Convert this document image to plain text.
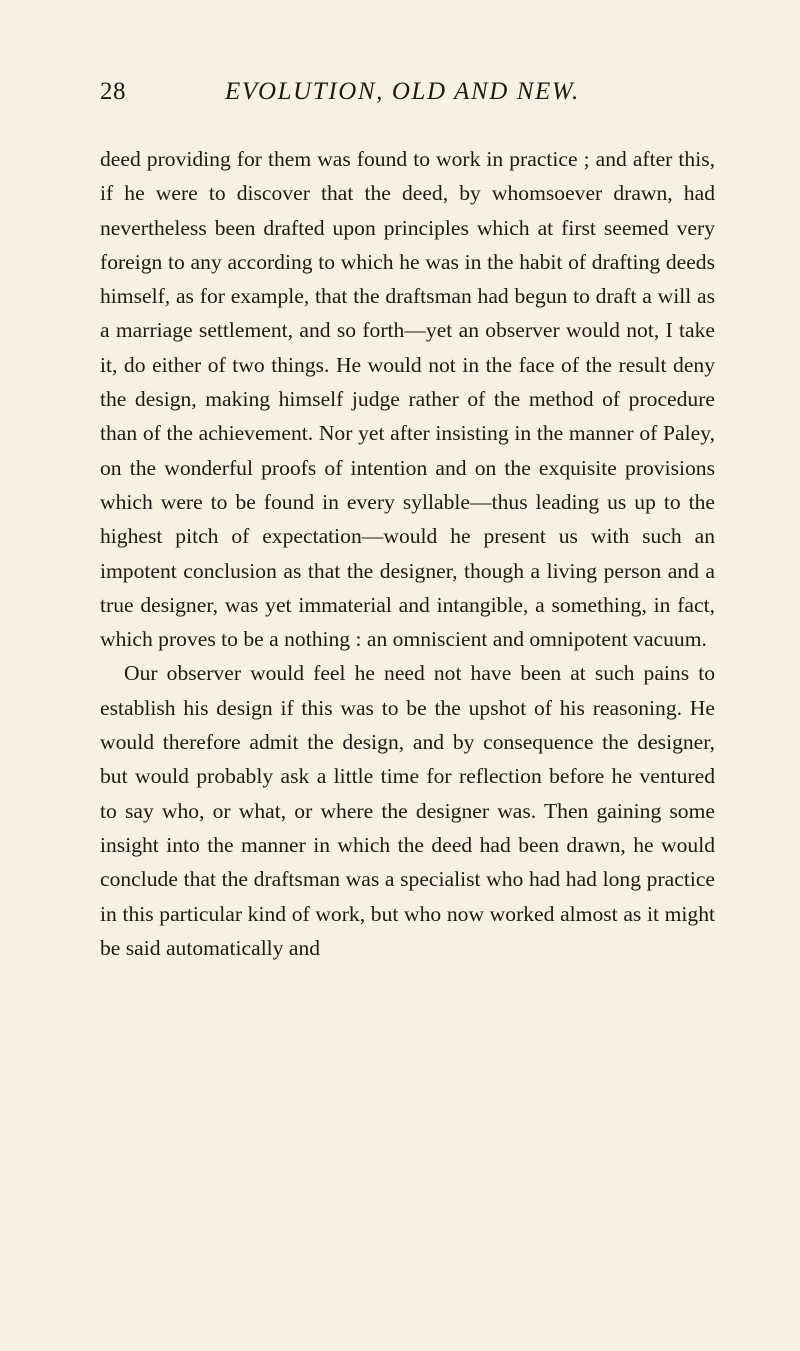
28	EVOLUTION, OLD AND NEW.

deed providing for them was found to work in practice ; and after this, if he were to discover that the deed, by whomsoever drawn, had nevertheless been drafted upon principles which at first seemed very foreign to any according to which he was in the habit of drafting deeds himself, as for example, that the draftsman had begun to draft a will as a marriage settlement, and so forth—yet an observer would not, I take it, do either of two things. He would not in the face of the result deny the design, making himself judge rather of the method of procedure than of the achievement. Nor yet after insisting in the manner of Paley, on the wonderful proofs of intention and on the exquisite provisions which were to be found in every syllable—thus leading us up to the highest pitch of expectation—would he present us with such an impotent conclusion as that the designer, though a living person and a true designer, was yet immaterial and intangible, a something, in fact, which proves to be a nothing : an omniscient and omnipotent vacuum.

Our observer would feel he need not have been at such pains to establish his design if this was to be the upshot of his reasoning. He would therefore admit the design, and by consequence the designer, but would probably ask a little time for reflection before he ventured to say who, or what, or where the designer was. Then gaining some insight into the manner in which the deed had been drawn, he would conclude that the draftsman was a specialist who had had long practice in this particular kind of work, but who now worked almost as it might be said automatically and
